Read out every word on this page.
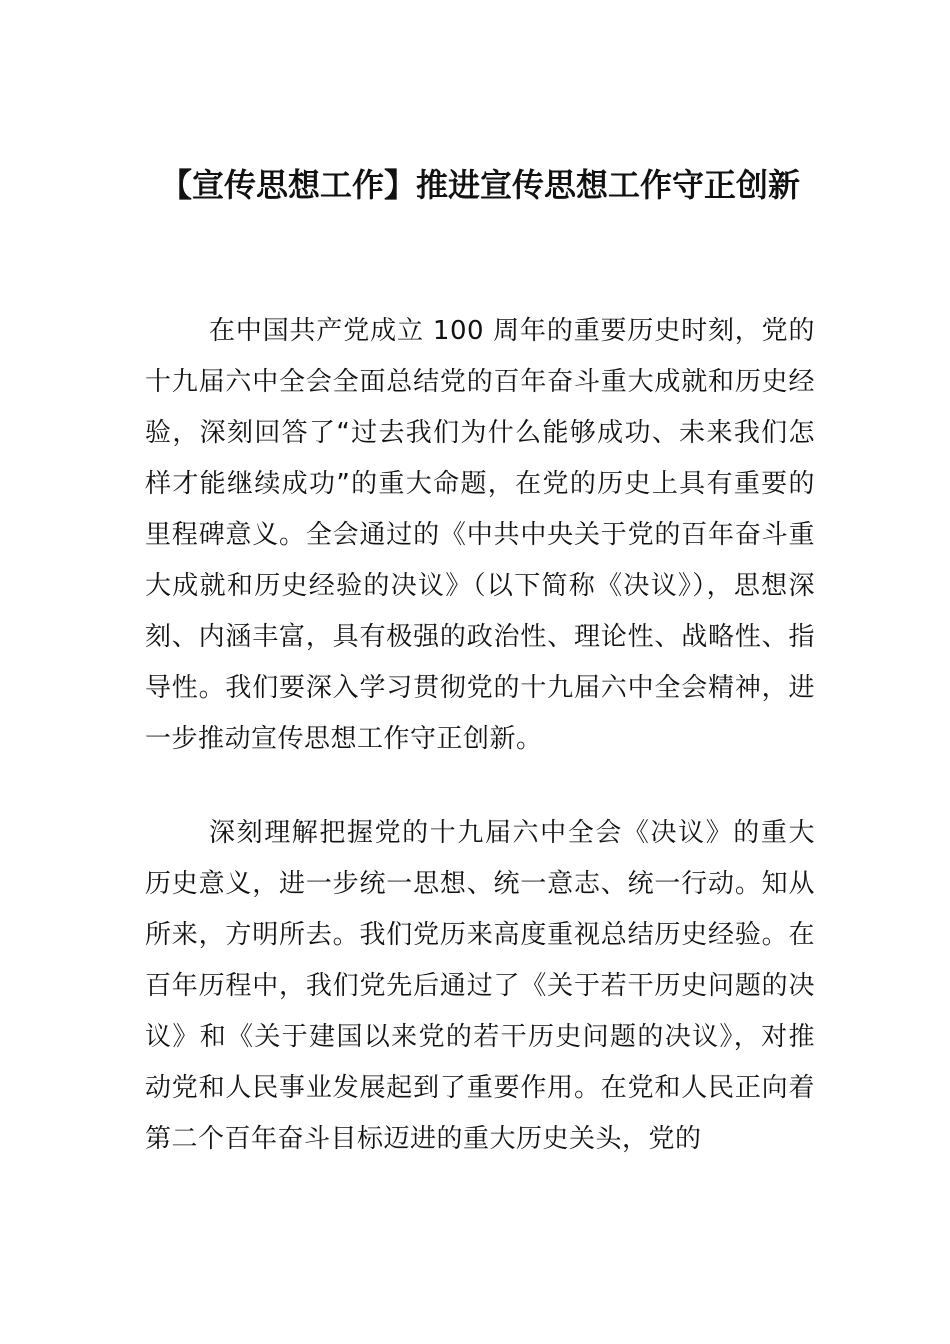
【宣传思想工作】推进宣传思想工作守正创新

在中国共产党成立 100 周年的重要历史时刻，党的十九届六中全会全面总结党的百年奋斗重大成就和历史经验，深刻回答了“过去我们为什么能够成功、未来我们怎样才能继续成功”的重大命题，在党的历史上具有重要的里程碑意义。全会通过的《中共中央关于党的百年奋斗重大成就和历史经验的决议》（以下简称《决议》），思想深刻、内涵丰富，具有极强的政治性、理论性、战略性、指导性。我们要深入学习贯彻党的十九届六中全会精神，进一步推动宣传思想工作守正创新。

深刻理解把握党的十九届六中全会《决议》的重大历史意义，进一步统一思想、统一意志、统一行动。知从所来，方明所去。我们党历来高度重视总结历史经验。在百年历程中，我们党先后通过了《关于若干历史问题的决议》和《关于建国以来党的若干历史问题的决议》，对推动党和人民事业发展起到了重要作用。在党和人民正向着第二个百年奋斗目标迈进的重大历史关头，党的
